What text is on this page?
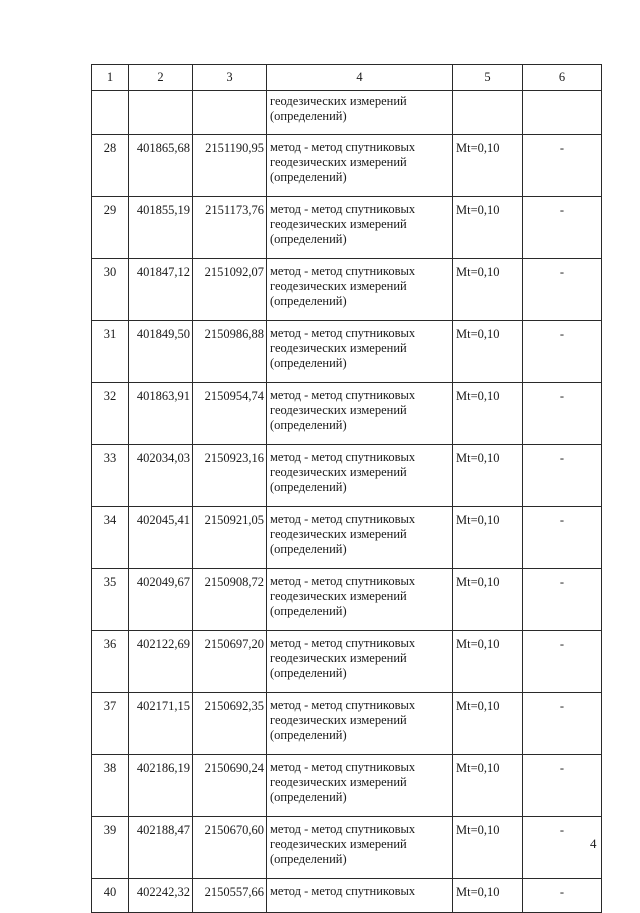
1	2	3	4	5	6

			геодезических измерений
(определений)		

28	401865,68	2151190,95	метод - метод спутниковых
геодезических измерений
(определений)	Mt=0,10	-
29	401855,19	2151173,76	метод - метод спутниковых
геодезических измерений
(определений)	Mt=0,10	-
30	401847,12	2151092,07	метод - метод спутниковых
геодезических измерений
(определений)	Mt=0,10	-
31	401849,50	2150986,88	метод - метод спутниковых
геодезических измерений
(определений)	Mt=0,10	-
32	401863,91	2150954,74	метод - метод спутниковых
геодезических измерений
(определений)	Mt=0,10	-
33	402034,03	2150923,16	метод - метод спутниковых
геодезических измерений
(определений)	Mt=0,10	-
34	402045,41	2150921,05	метод - метод спутниковых
геодезических измерений
(определений)	Mt=0,10	-
35	402049,67	2150908,72	метод - метод спутниковых
геодезических измерений
(определений)	Mt=0,10	-
36	402122,69	2150697,20	метод - метод спутниковых
геодезических измерений
(определений)	Mt=0,10	-
37	402171,15	2150692,35	метод - метод спутниковых
геодезических измерений
(определений)	Mt=0,10	-
38	402186,19	2150690,24	метод - метод спутниковых
геодезических измерений
(определений)	Mt=0,10	-
39	402188,47	2150670,60	метод - метод спутниковых
геодезических измерений
(определений)	Mt=0,10	-
40	402242,32	2150557,66	метод - метод спутниковых	Mt=0,10	-
4
